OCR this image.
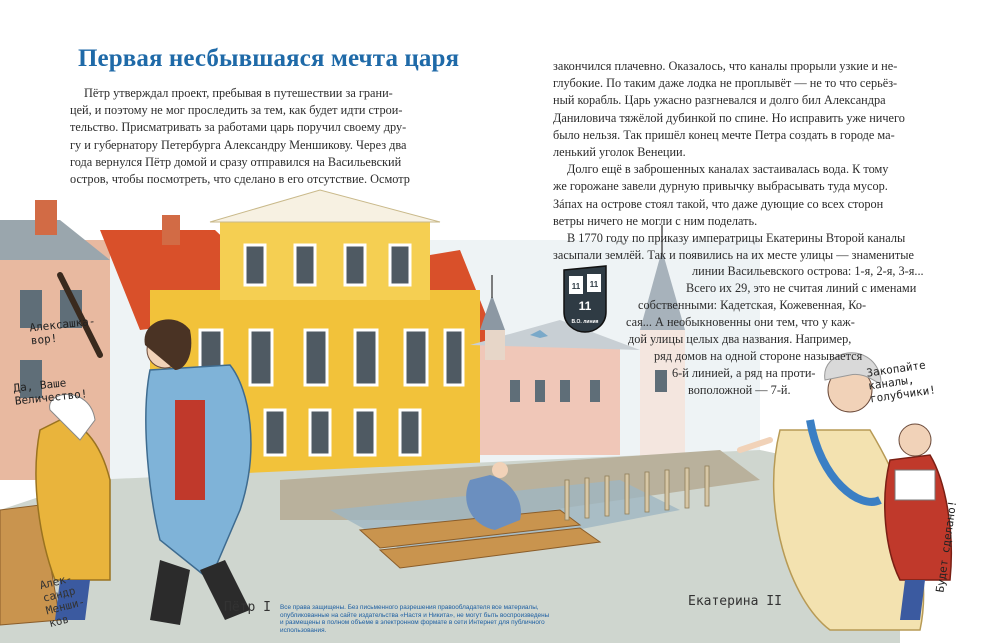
Первая несбывшаяся мечта царя
Пётр утверждал проект, пребывая в путешествии за грани-
цей, и поэтому не мог проследить за тем, как будет идти строи-
тельство. Присматривать за работами царь поручил своему дру-
гу и губернатору Петербурга Александру Меншикову. Через два
года вернулся Пётр домой и сразу отправился на Васильевский
остров, чтобы посмотреть, что сделано в его отсутствие. Осмотр
закончился плачевно. Оказалось, что каналы прорыли узкие и не-
глубокие. По таким даже лодка не проплывёт — не то что серьёз-
ный корабль. Царь ужасно разгневался и долго бил Александра
Даниловича тяжёлой дубинкой по спине. Но исправить уже ничего
было нельзя. Так пришёл конец мечте Петра создать в городе ма-
ленький уголок Венеции.
Долго ещё в заброшенных каналах застаивалась вода. К тому
же горожане завели дурную привычку выбрасывать туда мусор.
Зáпах на острове стоял такой, что даже дующие со всех сторон
ветры ничего не могли с ним поделать.
В 1770 году по приказу императрицы Екатерины Второй каналы
засыпали землёй. Так и появились на их месте улицы — знаменитые
линии Васильевского острова: 1-я, 2-я, 3-я...
Всего их 29, это не считая линий с именами
собственными: Кадетская, Кожевенная, Ко-
сая... А необыкновенны они тем, что у каж-
дой улицы целых два названия. Например,
ряд домов на одной стороне называется
6-й линией, а ряд на проти-
воположной — 7-й.
11 11
11
В.О. линия
Алексашка-
вор!
Да, Ваше
Величество!
Закопайте
каналы,
голубчики!
Будет сделано!
Алек-
сандр
Менши-
ков
Пётр I	Екатерина II
Все права защищены. Без письменного разрешения правообладателя все материалы, опубликованные на сайте издательства «Настя и Никита», не могут быть воспроизведены и размещены в полном объеме в электронном формате в сети Интернет для публичного использования.
